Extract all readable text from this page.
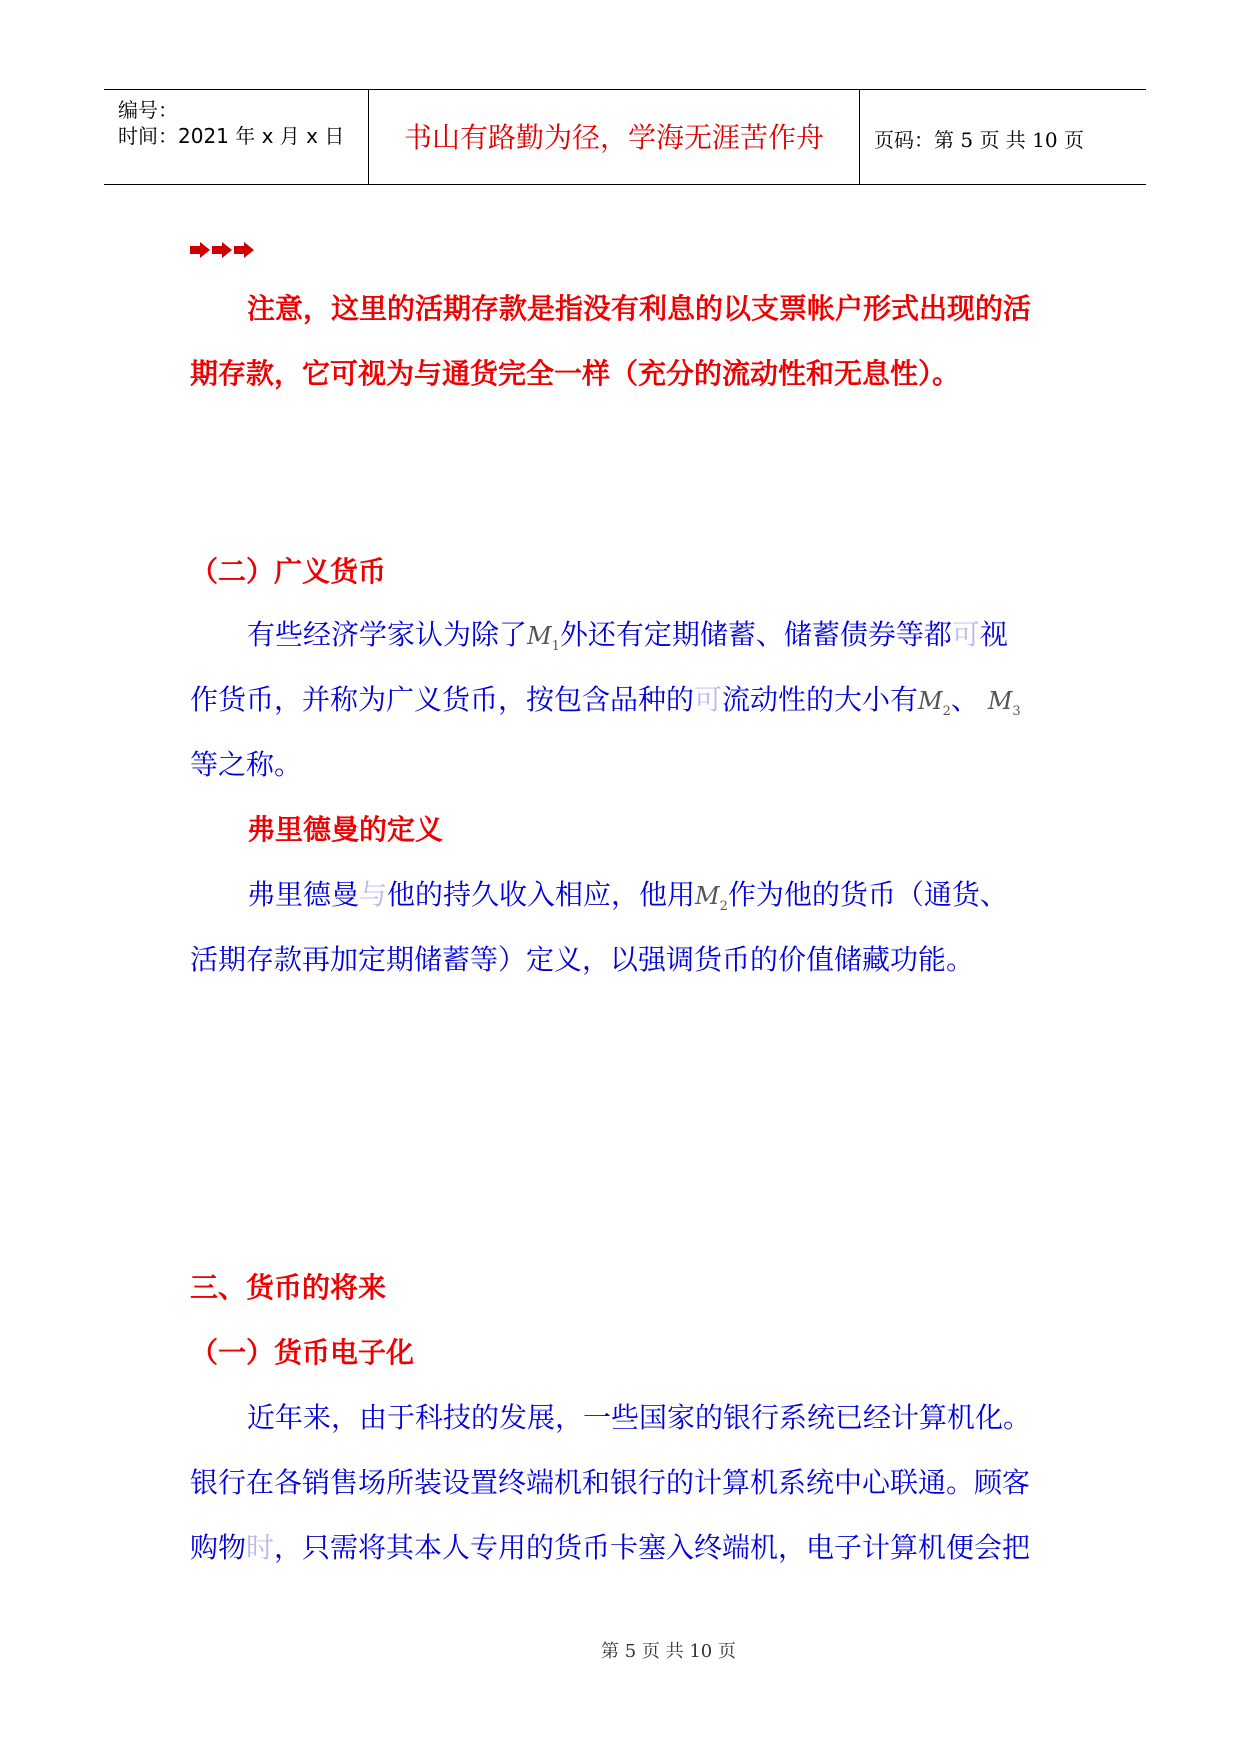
编号：
时间：2021 年 x 月 x 日	书山有路勤为径，学海无涯苦作舟	页码：第 5 页 共 10 页
注意，这里的活期存款是指没有利息的以支票帐户形式出现的活
期存款，它可视为与通货完全一样（充分的流动性和无息性）。
（二）广义货币
有些经济学家认为除了$M_1$外还有定期储蓄、储蓄债券等都可视
作货币，并称为广义货币，按包含品种的可流动性的大小有$M_2$、 $M_3$
等之称。
弗里德曼的定义
弗里德曼与他的持久收入相应，他用$M_2$作为他的货币（通货、
活期存款再加定期储蓄等）定义，以强调货币的价值储藏功能。
三、货币的将来
（一）货币电子化
近年来，由于科技的发展，一些国家的银行系统已经计算机化。
银行在各销售场所装设置终端机和银行的计算机系统中心联通。顾客
购物时，只需将其本人专用的货币卡塞入终端机，电子计算机便会把
第 5 页 共 10 页
